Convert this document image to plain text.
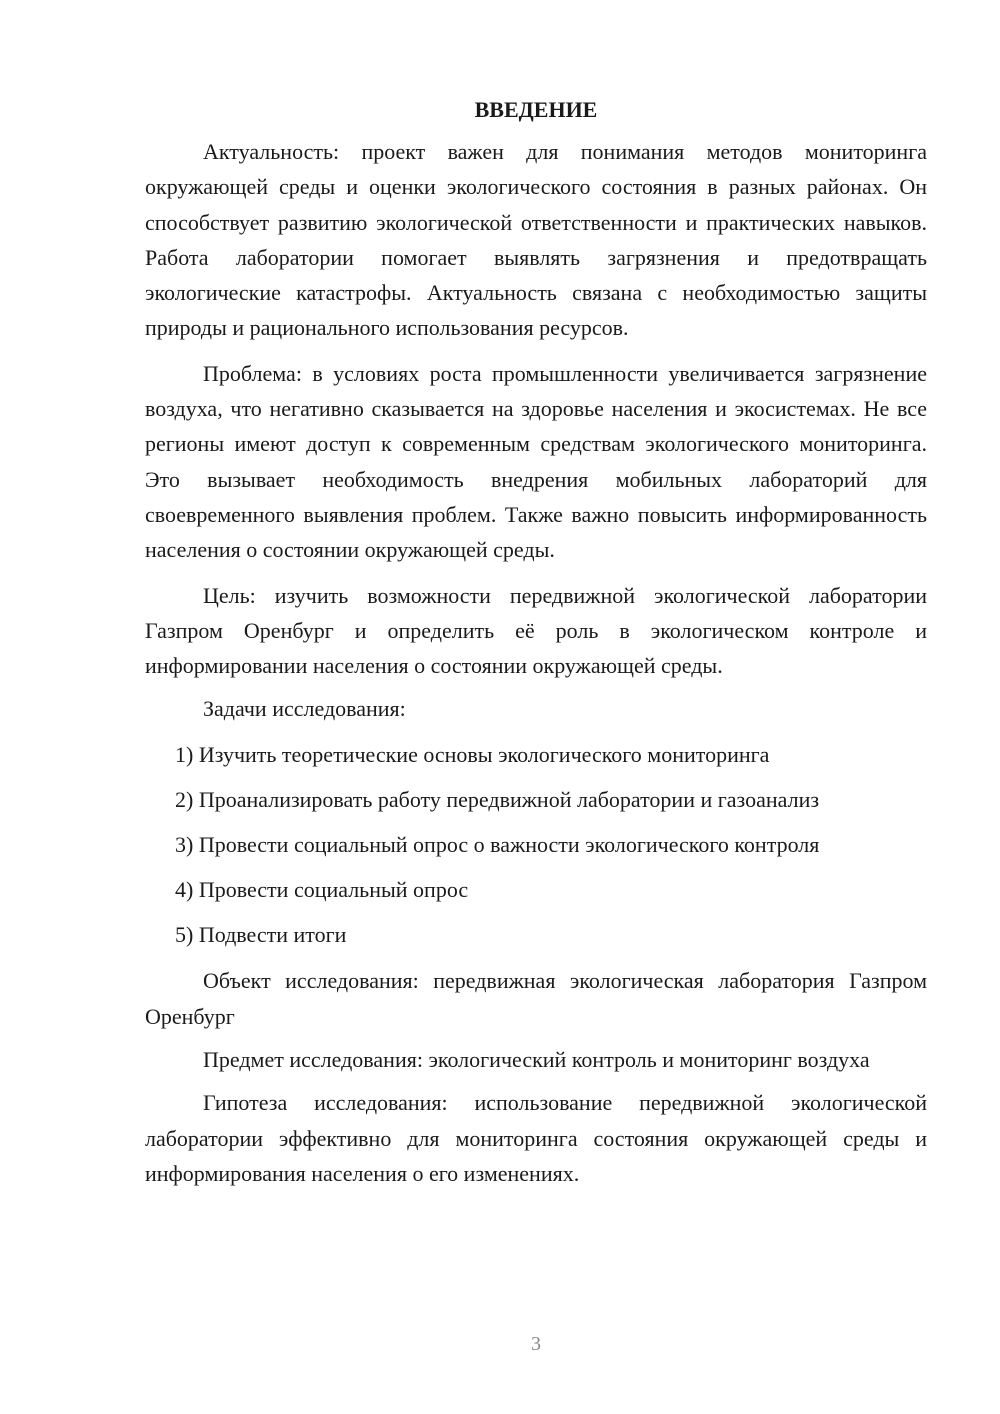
ВВЕДЕНИЕ

Актуальность: проект важен для понимания методов мониторинга окружающей среды и оценки экологического состояния в разных районах. Он способствует развитию экологической ответственности и практических навыков. Работа лаборатории помогает выявлять загрязнения и предотвращать экологические катастрофы. Актуальность связана с необходимостью защиты природы и рационального использования ресурсов.

Проблема: в условиях роста промышленности увеличивается загрязнение воздуха, что негативно сказывается на здоровье населения и экосистемах. Не все регионы имеют доступ к современным средствам экологического мониторинга. Это вызывает необходимость внедрения мобильных лабораторий для своевременного выявления проблем. Также важно повысить информированность населения о состоянии окружающей среды.

Цель: изучить возможности передвижной экологической лаборатории Газпром Оренбург и определить её роль в экологическом контроле и информировании населения о состоянии окружающей среды.

Задачи исследования:
1) Изучить теоретические основы экологического мониторинга
2) Проанализировать работу передвижной лаборатории и газоанализ
3) Провести социальный опрос о важности экологического контроля
4) Провести социальный опрос
5) Подвести итоги

Объект исследования: передвижная экологическая лаборатория Газпром Оренбург

Предмет исследования: экологический контроль и мониторинг воздуха

Гипотеза исследования: использование передвижной экологической лаборатории эффективно для мониторинга состояния окружающей среды и информирования населения о его изменениях.

3
